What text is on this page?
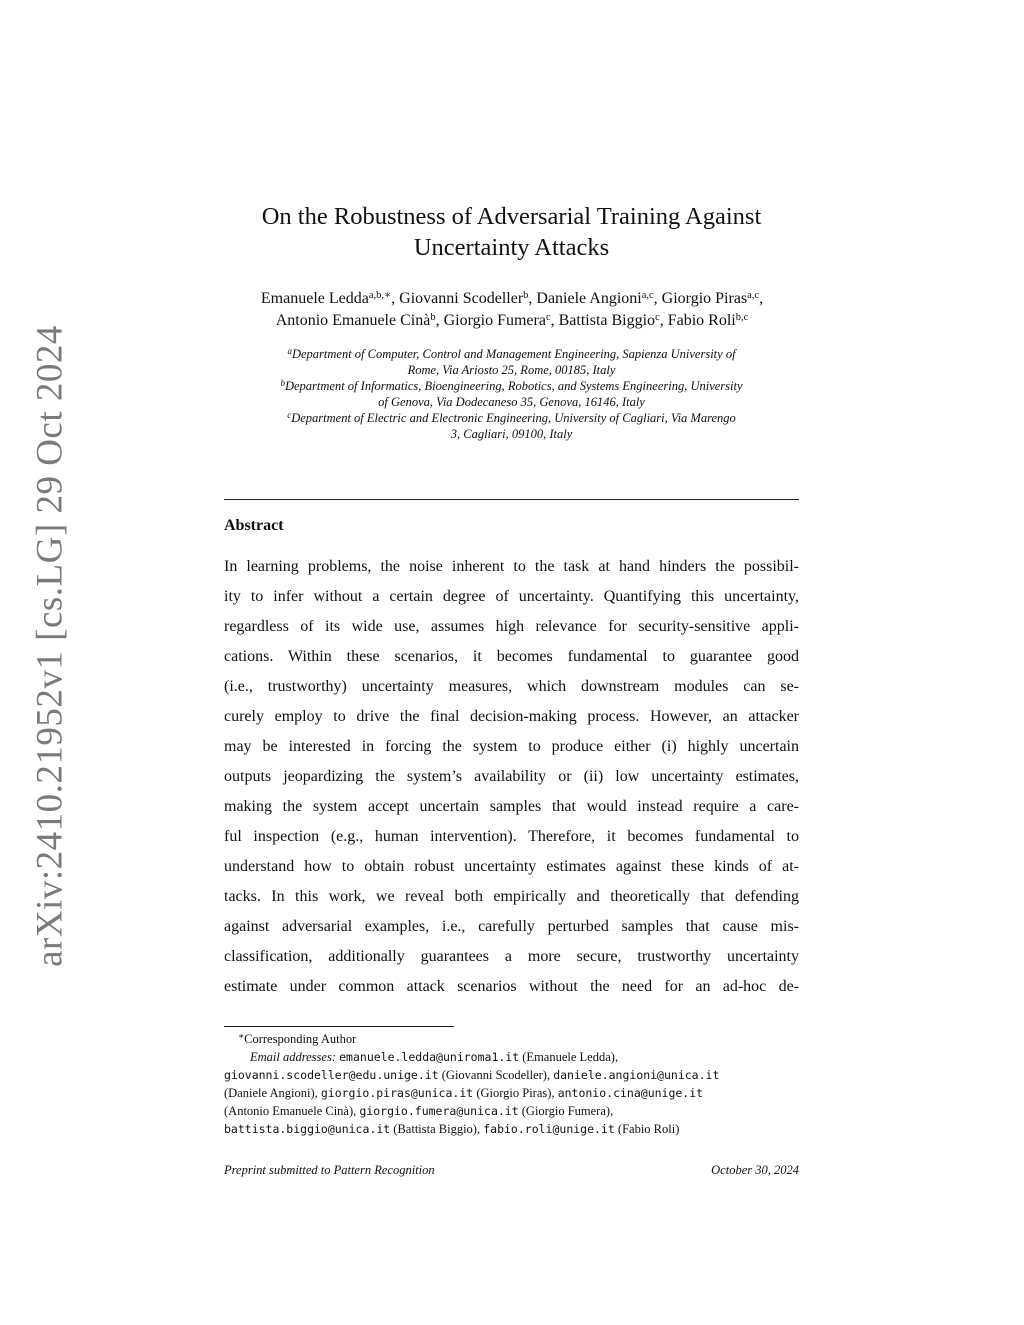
arXiv:2410.21952v1 [cs.LG] 29 Oct 2024
On the Robustness of Adversarial Training Against
Uncertainty Attacks
Emanuele Ledda$^{a,b,∗}$, Giovanni Scodeller$^b$, Daniele Angioni$^{a,c}$, Giorgio Piras$^{a,c}$,
Antonio Emanuele Cinà$^b$, Giorgio Fumera$^c$, Battista Biggio$^c$, Fabio Roli$^{b,c}$
$^a$Department of Computer, Control and Management Engineering, Sapienza University of
Rome, Via Ariosto 25, Rome, 00185, Italy
$^b$Department of Informatics, Bioengineering, Robotics, and Systems Engineering, University
of Genova, Via Dodecaneso 35, Genova, 16146, Italy
$^c$Department of Electric and Electronic Engineering, University of Cagliari, Via Marengo
3, Cagliari, 09100, Italy
Abstract
In learning problems, the noise inherent to the task at hand hinders the possibil-
ity to infer without a certain degree of uncertainty. Quantifying this uncertainty,
regardless of its wide use, assumes high relevance for security-sensitive appli-
cations. Within these scenarios, it becomes fundamental to guarantee good
(i.e., trustworthy) uncertainty measures, which downstream modules can se-
curely employ to drive the final decision-making process. However, an attacker
may be interested in forcing the system to produce either (i) highly uncertain
outputs jeopardizing the system’s availability or (ii) low uncertainty estimates,
making the system accept uncertain samples that would instead require a care-
ful inspection (e.g., human intervention). Therefore, it becomes fundamental to
understand how to obtain robust uncertainty estimates against these kinds of at-
tacks. In this work, we reveal both empirically and theoretically that defending
against adversarial examples, i.e., carefully perturbed samples that cause mis-
classification, additionally guarantees a more secure, trustworthy uncertainty
estimate under common attack scenarios without the need for an ad-hoc de-
∗Corresponding Author
Email addresses: emanuele.ledda@uniroma1.it (Emanuele Ledda),
giovanni.scodeller@edu.unige.it (Giovanni Scodeller), daniele.angioni@unica.it
(Daniele Angioni), giorgio.piras@unica.it (Giorgio Piras), antonio.cina@unige.it
(Antonio Emanuele Cinà), giorgio.fumera@unica.it (Giorgio Fumera),
battista.biggio@unica.it (Battista Biggio), fabio.roli@unige.it (Fabio Roli)
Preprint submitted to Pattern Recognition	October 30, 2024
